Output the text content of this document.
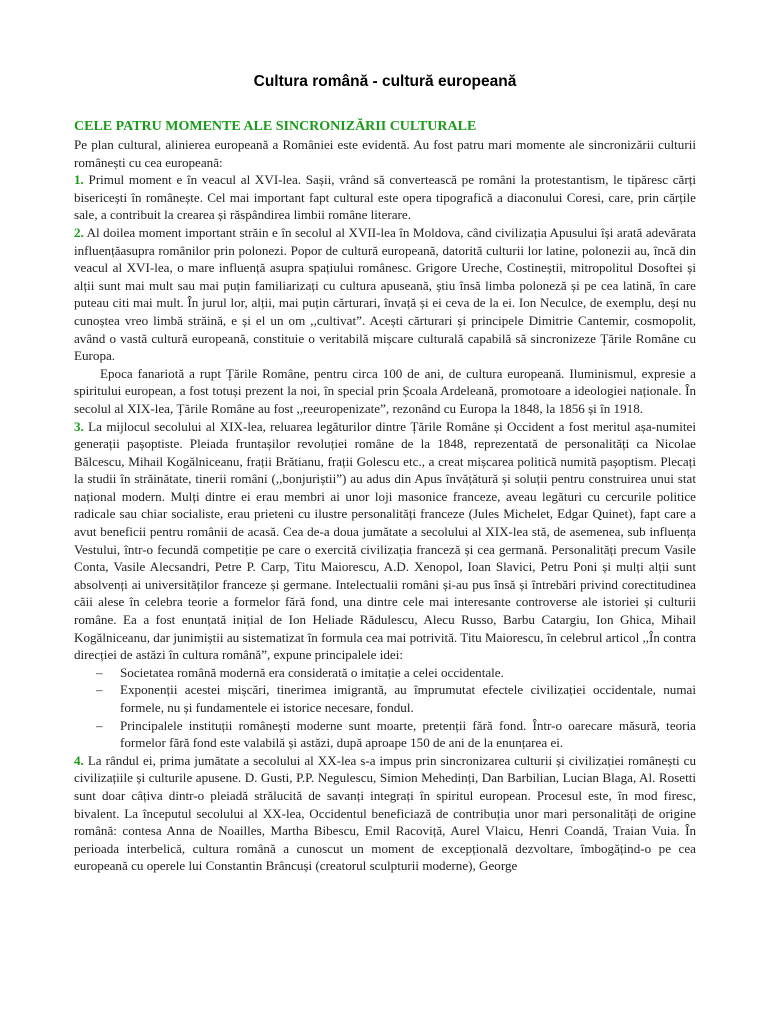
Cultura română - cultură europeană
CELE PATRU MOMENTE ALE SINCRONIZĂRII CULTURALE

Pe plan cultural, alinierea europeană a României este evidentă. Au fost patru mari momente ale sincronizării culturii românești cu cea europeană:

1. Primul moment e în veacul al XVI-lea. Sașii, vrând să convertească pe români la protestantism, le tipăresc cărți bisericești în românește. Cel mai important fapt cultural este opera tipografică a diaconului Coresi, care, prin cărțile sale, a contribuit la crearea și răspândirea limbii române literare.

2. Al doilea moment important străin e în secolul al XVII-lea în Moldova, când civilizația Apusului își arată adevărata influențăasupra românilor prin polonezi. Popor de cultură europeană, datorită culturii lor latine, polonezii au, încă din veacul al XVI-lea, o mare influență asupra spațiului românesc. Grigore Ureche, Costineștii, mitropolitul Dosoftei și alții sunt mai mult sau mai puțin familiarizați cu cultura apuseană, știu însă limba poloneză și pe cea latină, în care puteau citi mai mult. În jurul lor, alții, mai puțin cărturari, învață și ei ceva de la ei. Ion Neculce, de exemplu, deși nu cunoștea vreo limbă străină, e și el un om ,,cultivat”. Acești cărturari și principele Dimitrie Cantemir, cosmopolit, având o vastă cultură europeană, constituie o veritabilă mișcare culturală capabilă să sincronizeze Țările Române cu Europa.

Epoca fanariotă a rupt Țările Române, pentru circa 100 de ani, de cultura europeană. Iluminismul, expresie a spiritului european, a fost totuși prezent la noi, în special prin Școala Ardeleană, promotoare a ideologiei naționale. În secolul al XIX-lea, Țările Române au fost ,,reeuropenizate”, rezonând cu Europa la 1848, la 1856 și în 1918.

3. La mijlocul secolului al XIX-lea, reluarea legăturilor dintre Țările Române și Occident a fost meritul așa-numitei generații pașoptiste. Pleiada fruntașilor revoluției române de la 1848, reprezentată de personalități ca Nicolae Bălcescu, Mihail Kogălniceanu, frații Brătianu, frații Golescu etc., a creat mișcarea politică numită pașoptism. Plecați la studii în străinătate, tinerii români (,,bonjuriștii”) au adus din Apus învățătură și soluții pentru construirea unui stat național modern. Mulți dintre ei erau membri ai unor loji masonice franceze, aveau legături cu cercurile politice radicale sau chiar socialiste, erau prieteni cu ilustre personalități franceze (Jules Michelet, Edgar Quinet), fapt care a avut beneficii pentru românii de acasă. Cea de-a doua jumătate a secolului al XIX-lea stă, de asemenea, sub influența Vestului, într-o fecundă competiție pe care o exercită civilizația franceză și cea germană. Personalități precum Vasile Conta, Vasile Alecsandri, Petre P. Carp, Titu Maiorescu, A.D. Xenopol, Ioan Slavici, Petru Poni și mulți alții sunt absolvenți ai universităților franceze și germane. Intelectualii români și-au pus însă și întrebări privind corectitudinea căii alese în celebra teorie a formelor fără fond, una dintre cele mai interesante controverse ale istoriei și culturii române. Ea a fost enunțată inițial de Ion Heliade Rădulescu, Alecu Russo, Barbu Catargiu, Ion Ghica, Mihail Kogălniceanu, dar junimiștii au sistematizat în formula cea mai potrivită. Titu Maiorescu, în celebrul articol ,,În contra direcției de astăzi în cultura română”, expune principalele idei:

– Societatea română modernă era considerată o imitație a celei occidentale.
– Exponenții acestei mișcări, tinerimea imigrantă, au împrumutat efectele civilizației occidentale, numai formele, nu și fundamentele ei istorice necesare, fondul.
– Principalele instituții românești moderne sunt moarte, pretenții fără fond. Într-o oarecare măsură, teoria formelor fără fond este valabilă și astăzi, după aproape 150 de ani de la enunțarea ei.

4. La rândul ei, prima jumătate a secolului al XX-lea s-a impus prin sincronizarea culturii și civilizației românești cu civilizațiile și culturile apusene. D. Gusti, P.P. Negulescu, Simion Mehedinți, Dan Barbilian, Lucian Blaga, Al. Rosetti sunt doar câțiva dintr-o pleiadă strălucită de savanți integrați în spiritul european. Procesul este, în mod firesc, bivalent. La începutul secolului al XX-lea, Occidentul beneficiază de contribuția unor mari personalități de origine română: contesa Anna de Noailles, Martha Bibescu, Emil Racoviță, Aurel Vlaicu, Henri Coandă, Traian Vuia. În perioada interbelică, cultura română a cunoscut un moment de excepțională dezvoltare, îmbogățind-o pe cea europeană cu operele lui Constantin Brâncuși (creatorul sculpturii moderne), George
